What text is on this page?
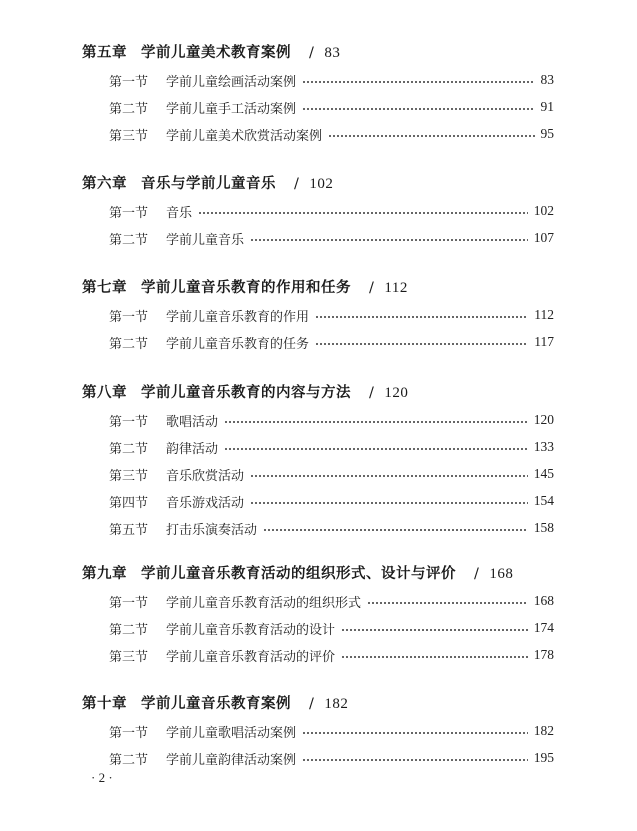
第五章 学前儿童美术教育案例 / 83
第一节	学前儿童绘画活动案例	83
第二节	学前儿童手工活动案例	91
第三节	学前儿童美术欣赏活动案例	95
第六章 音乐与学前儿童音乐 / 102
第一节	音乐	102
第二节	学前儿童音乐	107
第七章 学前儿童音乐教育的作用和任务 / 112
第一节	学前儿童音乐教育的作用	112
第二节	学前儿童音乐教育的任务	117
第八章 学前儿童音乐教育的内容与方法 / 120
第一节	歌唱活动	120
第二节	韵律活动	133
第三节	音乐欣赏活动	145
第四节	音乐游戏活动	154
第五节	打击乐演奏活动	158
第九章 学前儿童音乐教育活动的组织形式、设计与评价 / 168
第一节	学前儿童音乐教育活动的组织形式	168
第二节	学前儿童音乐教育活动的设计	174
第三节	学前儿童音乐教育活动的评价	178
第十章 学前儿童音乐教育案例 / 182
第一节	学前儿童歌唱活动案例	182
第二节	学前儿童韵律活动案例	195
· 2 ·
